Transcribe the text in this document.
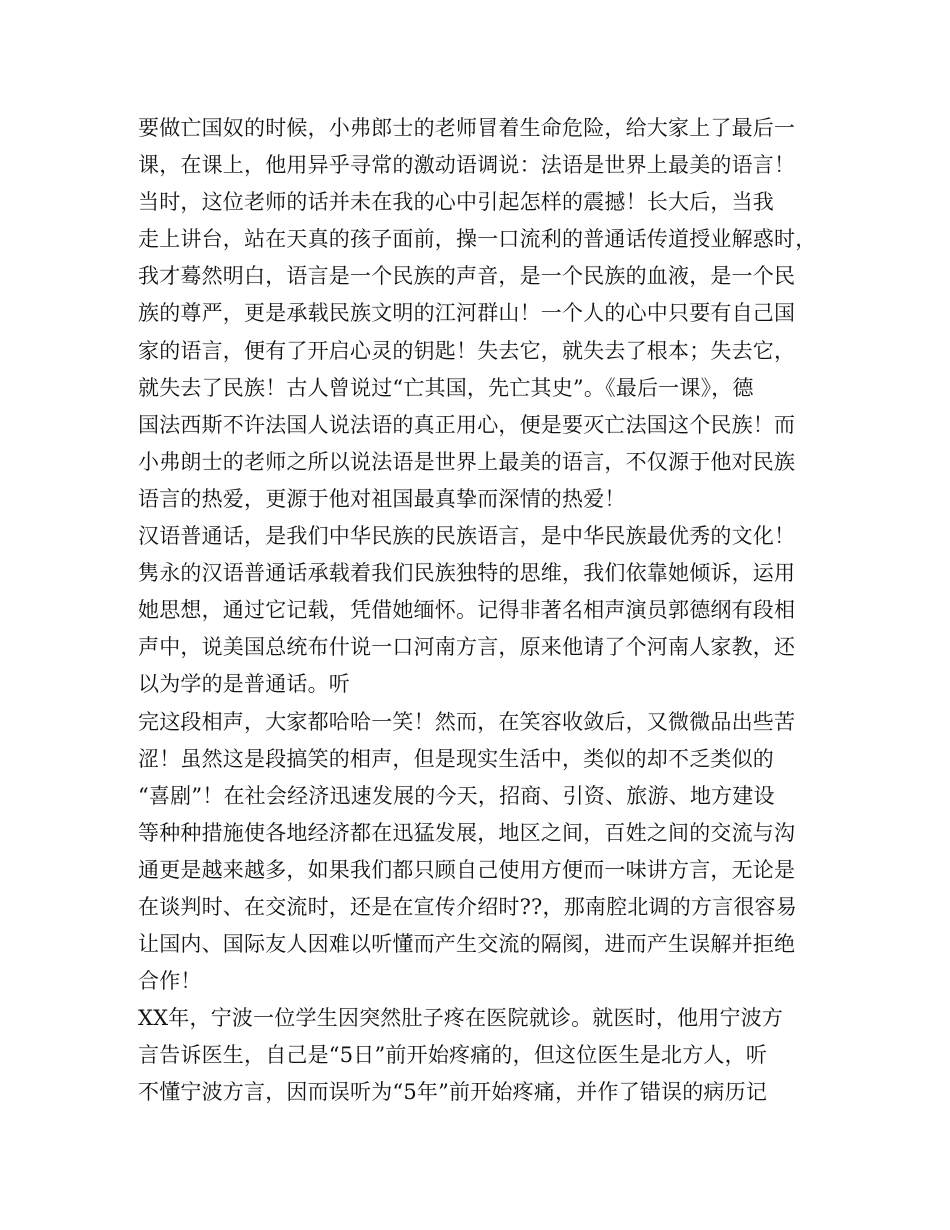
要做亡国奴的时候，小弗郎士的老师冒着生命危险，给大家上了最后一
课，在课上，他用异乎寻常的激动语调说：法语是世界上最美的语言！
当时，这位老师的话并未在我的心中引起怎样的震撼！长大后，当我
走上讲台，站在天真的孩子面前，操一口流利的普通话传道授业解惑时，
我才蓦然明白，语言是一个民族的声音，是一个民族的血液，是一个民
族的尊严，更是承载民族文明的江河群山！一个人的心中只要有自己国
家的语言，便有了开启心灵的钥匙！失去它，就失去了根本；失去它，
就失去了民族！古人曾说过“亡其国，先亡其史”。《最后一课》，德
国法西斯不许法国人说法语的真正用心，便是要灭亡法国这个民族！而
小弗朗士的老师之所以说法语是世界上最美的语言，不仅源于他对民族
语言的热爱，更源于他对祖国最真挚而深情的热爱！
汉语普通话，是我们中华民族的民族语言，是中华民族最优秀的文化！
隽永的汉语普通话承载着我们民族独特的思维，我们依靠她倾诉，运用
她思想，通过它记载，凭借她缅怀。记得非著名相声演员郭德纲有段相
声中，说美国总统布什说一口河南方言，原来他请了个河南人家教，还
以为学的是普通话。听
完这段相声，大家都哈哈一笑！然而，在笑容收敛后，又微微品出些苦
涩！虽然这是段搞笑的相声，但是现实生活中，类似的却不乏类似的
“喜剧”！在社会经济迅速发展的今天，招商、引资、旅游、地方建设
等种种措施使各地经济都在迅猛发展，地区之间，百姓之间的交流与沟
通更是越来越多，如果我们都只顾自己使用方便而一味讲方言，无论是
在谈判时、在交流时，还是在宣传介绍时??，那南腔北调的方言很容易
让国内、国际友人因难以听懂而产生交流的隔阂，进而产生误解并拒绝
合作！
XX年，宁波一位学生因突然肚子疼在医院就诊。就医时，他用宁波方
言告诉医生，自己是“5日”前开始疼痛的，但这位医生是北方人，听
不懂宁波方言，因而误听为“5年”前开始疼痛，并作了错误的病历记
